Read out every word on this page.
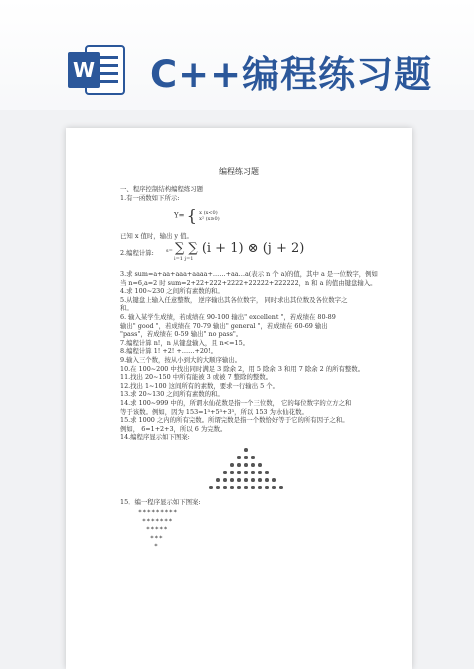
W C++编程练习题
编程练习题
一、程序控制结构编程练习题
1.有一函数如下所示:
Y= { x (x<0)
x² (x≥0)
已知 x 值时，输出 y 值。
2.编程计算:	s= ∑ ∑ (i + 1) ⊗ (j + 2)
i=1 j=1
3.求 sum=a+aa+aaa+aaaa+……+aa…a(表示 n 个 a)的值，其中 a 是一位数字，例如
当 n=6,a=2 时 sum=2+22+222+2222+22222+222222，n 和 a 的值由键盘输入。
4.求 100~230 之间所有素数的和。
5.从键盘上输入任意整数， 逆序输出其各位数字， 同时求出其位数及各位数字之
和。
6. 输入某学生成绩，若成绩在 90-100 输出" excellent "，若成绩在 80-89
输出" good "，若成绩在 70-79 输出" general "，若成绩在 60-69 输出
"pass"，若成绩在 0-59 输出" no pass"。
7.编程计算 n!，n 从键盘输入，且 n<=15。
8.编程计算 1! +2! +……+20!。
9.输入三个数，按从小到大的大顺序输出。
10.在 100~200 中找出同时满足 3 除余 2，用 5 除余 3 和用 7 除余 2 的所有整数。
11.找出 20~150 中所有能被 3 或被 7 整除的整数。
12.找出 1~100 这间所有的素数，要求一行输出 5 个。
13.求 20~130 之间所有素数的和。
14.求 100~999 中的，所谓水仙花数是指一个三位数， 它的每位数字的立方之和
等于该数。例如，因为 153=1³+5³+3³，所以 153 为水仙花数。
15.求 1000 之内的所有完数。所谓完数是指一个数恰好等于它的所有因子之和。
例如， 6=1+2+3，所以 6 为完数。
14.编程序显示如下图案:
15．编一程序显示如下图案:
*********
*******
*****
***
*
